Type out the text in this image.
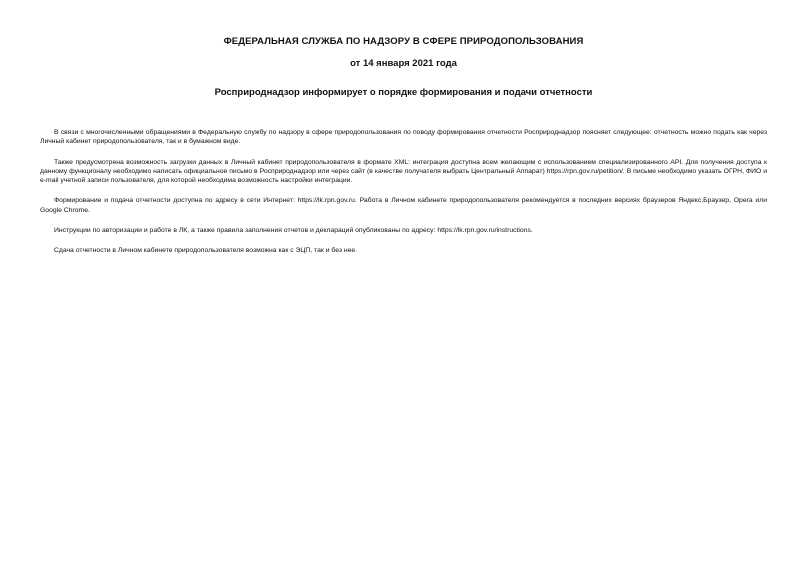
ФЕДЕРАЛЬНАЯ СЛУЖБА ПО НАДЗОРУ В СФЕРЕ ПРИРОДОПОЛЬЗОВАНИЯ
от 14 января 2021 года
Росприроднадзор информирует о порядке формирования и подачи отчетности

В связи с многочисленными обращениями в Федеральную службу по надзору в сфере природопользования по поводу формирования отчетности Росприроднадзор поясняет следующее: отчетность можно подать как через Личный кабинет природопользователя, так и в бумажном виде.

Также предусмотрена возможность загрузки данных в Личный кабинет природопользователя в формате XML: интеграция доступна всем желающим с использованием специализированного API. Для получения доступа к данному функционалу необходимо написать официальное письмо в Росприроднадзор или через сайт (в качестве получателя выбрать Центральный Аппарат) https://rpn.gov.ru/petition/. В письме необходимо указать ОГРН, ФИО и e-mail учетной записи пользователя, для которой необходима возможность настройки интеграции.

Формирование и подача отчетности доступна по адресу в сети Интернет: https://lk.rpn.gov.ru. Работа в Личном кабинете природопользователя рекомендуется в последних версиях браузеров Яндекс.Браузер, Opera или Google Chrome.

Инструкции по авторизации и работе в ЛК, а также правила заполнения отчетов и деклараций опубликованы по адресу: https://lk.rpn.gov.ru/instructions.

Сдача отчетности в Личном кабинете природопользователя возможна как с ЭЦП, так и без нее.
